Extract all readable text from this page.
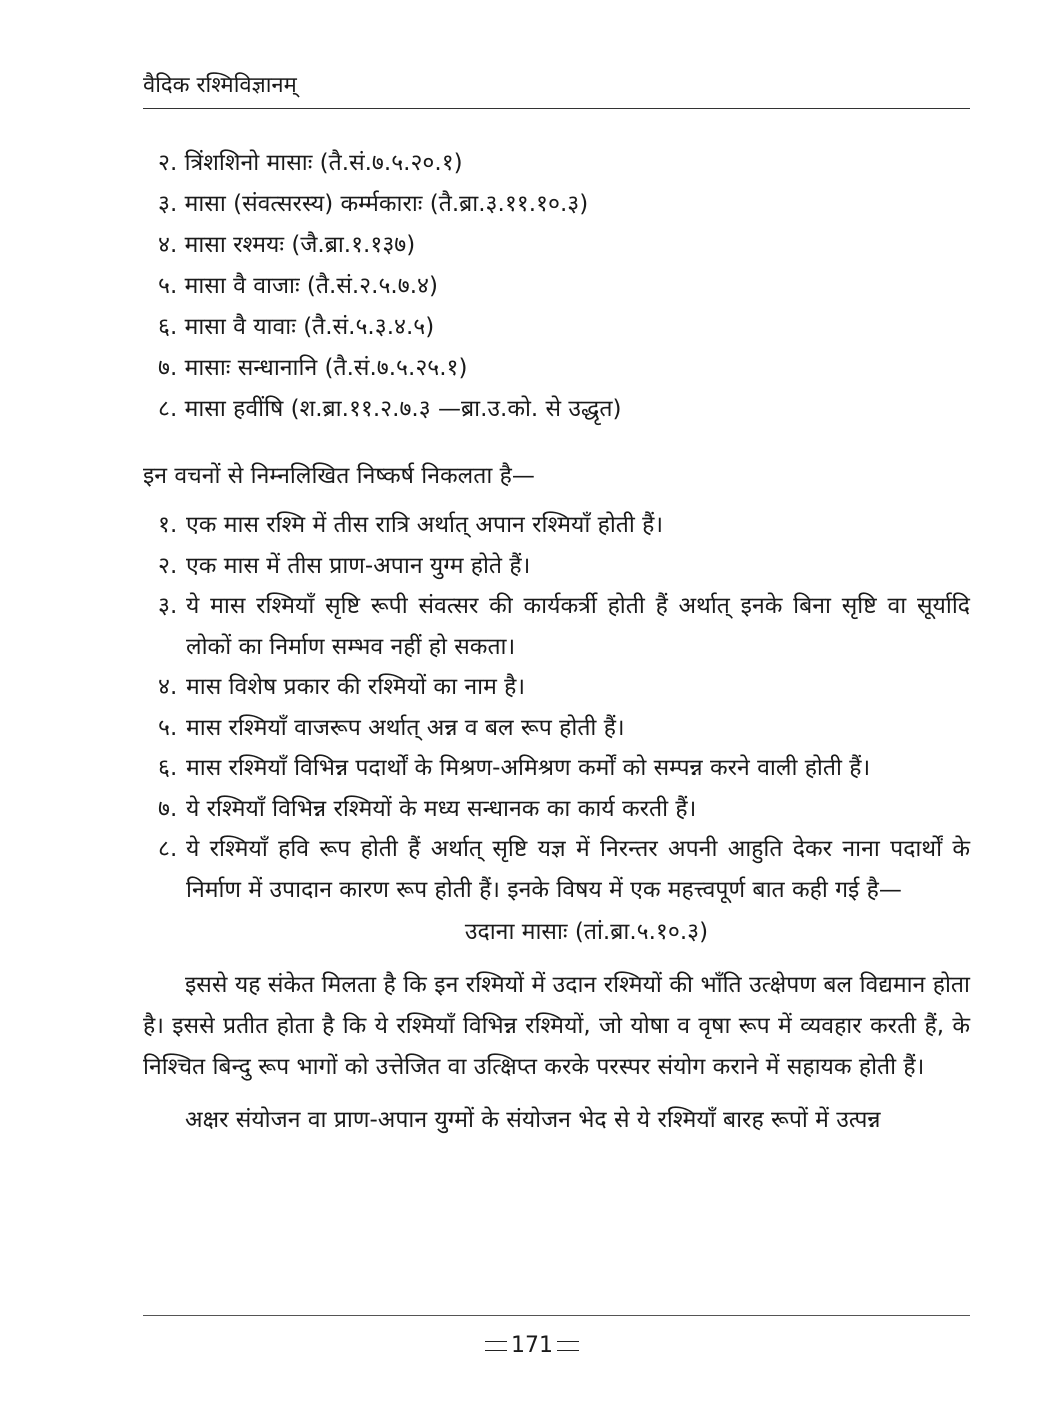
वैदिक रश्मिविज्ञानम्
२. त्रिंशशिनो मासाः (तै.सं.७.५.२०.१)
३. मासा (संवत्सरस्य) कर्म्मकाराः (तै.ब्रा.३.११.१०.३)
४. मासा रश्मयः (जै.ब्रा.१.१३७)
५. मासा वै वाजाः (तै.सं.२.५.७.४)
६. मासा वै यावाः (तै.सं.५.३.४.५)
७. मासाः सन्धानानि (तै.सं.७.५.२५.१)
८. मासा हवींषि (श.ब्रा.११.२.७.३ —ब्रा.उ.को. से उद्धृत)

इन वचनों से निम्नलिखित निष्कर्ष निकलता है—

१. एक मास रश्मि में तीस रात्रि अर्थात् अपान रश्मियाँ होती हैं।
२. एक मास में तीस प्राण-अपान युग्म होते हैं।
३. ये मास रश्मियाँ सृष्टि रूपी संवत्सर की कार्यकर्त्री होती हैं अर्थात् इनके बिना सृष्टि वा सूर्यादि लोकों का निर्माण सम्भव नहीं हो सकता।
४. मास विशेष प्रकार की रश्मियों का नाम है।
५. मास रश्मियाँ वाजरूप अर्थात् अन्न व बल रूप होती हैं।
६. मास रश्मियाँ विभिन्न पदार्थों के मिश्रण-अमिश्रण कर्मों को सम्पन्न करने वाली होती हैं।
७. ये रश्मियाँ विभिन्न रश्मियों के मध्य सन्धानक का कार्य करती हैं।
८. ये रश्मियाँ हवि रूप होती हैं अर्थात् सृष्टि यज्ञ में निरन्तर अपनी आहुति देकर नाना पदार्थों के निर्माण में उपादान कारण रूप होती हैं। इनके विषय में एक महत्त्वपूर्ण बात कही गई है—

उदाना मासाः (तां.ब्रा.५.१०.३)

इससे यह संकेत मिलता है कि इन रश्मियों में उदान रश्मियों की भाँति उत्क्षेपण बल विद्यमान होता है। इससे प्रतीत होता है कि ये रश्मियाँ विभिन्न रश्मियों, जो योषा व वृषा रूप में व्यवहार करती हैं, के निश्चित बिन्दु रूप भागों को उत्तेजित वा उत्क्षिप्त करके परस्पर संयोग कराने में सहायक होती हैं।

अक्षर संयोजन वा प्राण-अपान युग्मों के संयोजन भेद से ये रश्मियाँ बारह रूपों में उत्पन्न

171
